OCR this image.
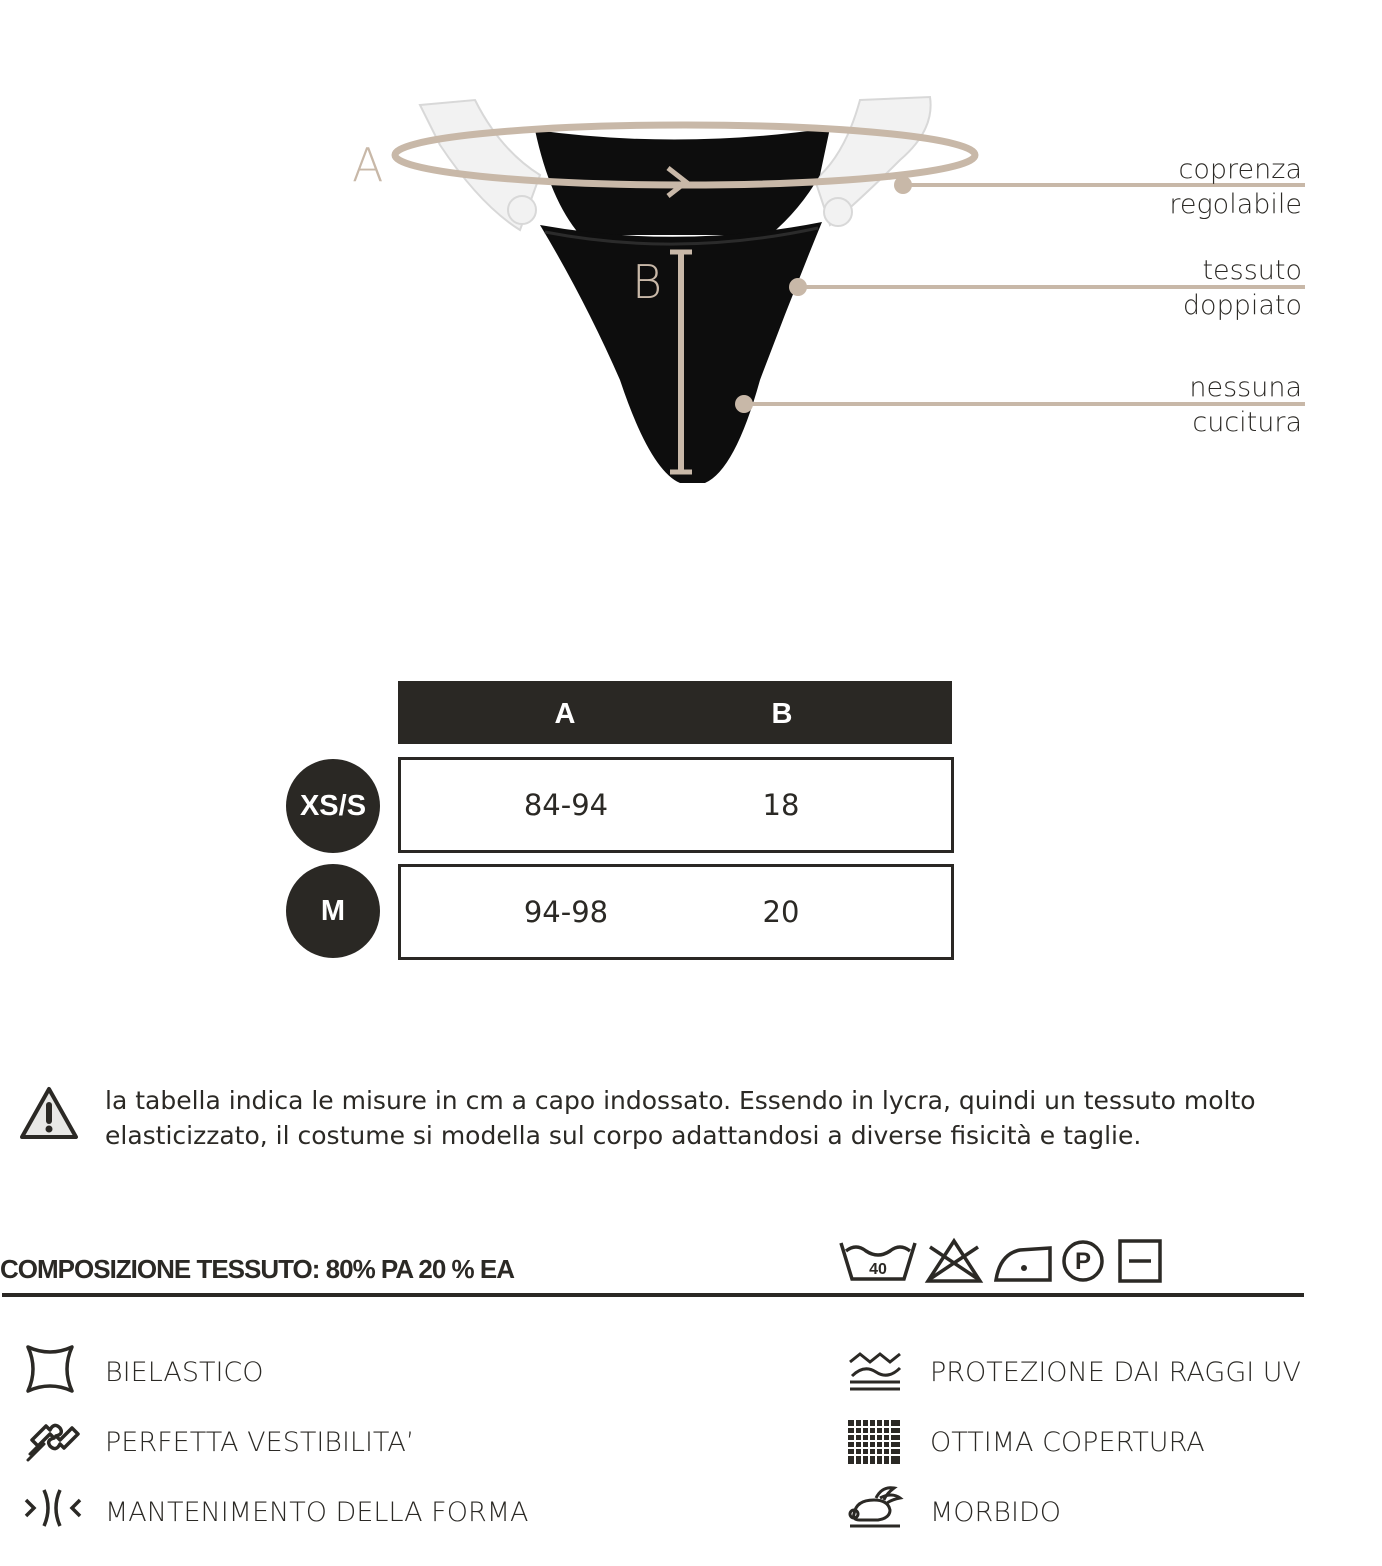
A
B
coprenza
regolabile
tessuto
doppiato
nessuna
cucitura
A	B
XS/S	84-94	18
M	94-98	20
la tabella indica le misure in cm a capo indossato. Essendo in lycra, quindi un tessuto molto elasticizzato, il costume si modella sul corpo adattandosi a diverse fisicità e taglie.
COMPOSIZIONE TESSUTO: 80% PA 20 % EA	40	P
BIELASTICO
PERFETTA VESTIBILITA’
MANTENIMENTO DELLA FORMA
PROTEZIONE DAI RAGGI UV
OTTIMA COPERTURA
MORBIDO
